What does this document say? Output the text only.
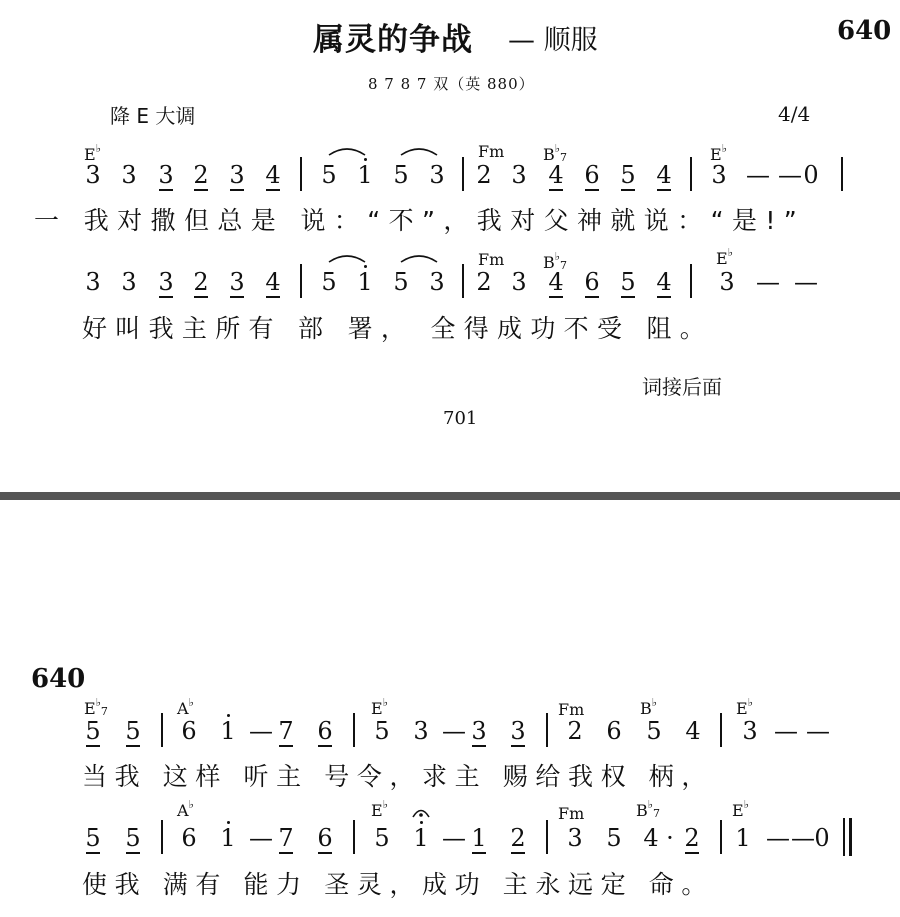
属灵的争战 — 顺服	640
8 7 8 7 双（英 880）
降 E 大调	4/4
E♭	Fm $B^♭_7$	E♭
3 3 3 2 3 4 5 1 5 3 2 3 4 6 5 4 3 — — 0
一 我对撒但总是 说：“不”，我对父神就说：“是!”
Fm $B^♭_7$	E♭
3 3 3 2 3 4 5 1 5 3 2 3 4 6 5 4 3 — —
好叫我主所有 部 署， 全得成功不受 阻。
词接后面
701
640
$E^♭_7$	A♭	E♭	Fm	B♭	E♭
5 5 6 1 — 7 6 5 3 — 3 3 2 6 5 4 3 — —
当我 这样 听主 号令，求主 赐给我权 柄，
A♭	E♭	Fm	$B^♭_7$	E♭
5 5 6 1 — 7 6 5 1 — 1 2 3 5 4 · 2 1 — — 0
使我 满有 能力 圣灵，成功 主永远定 命。
